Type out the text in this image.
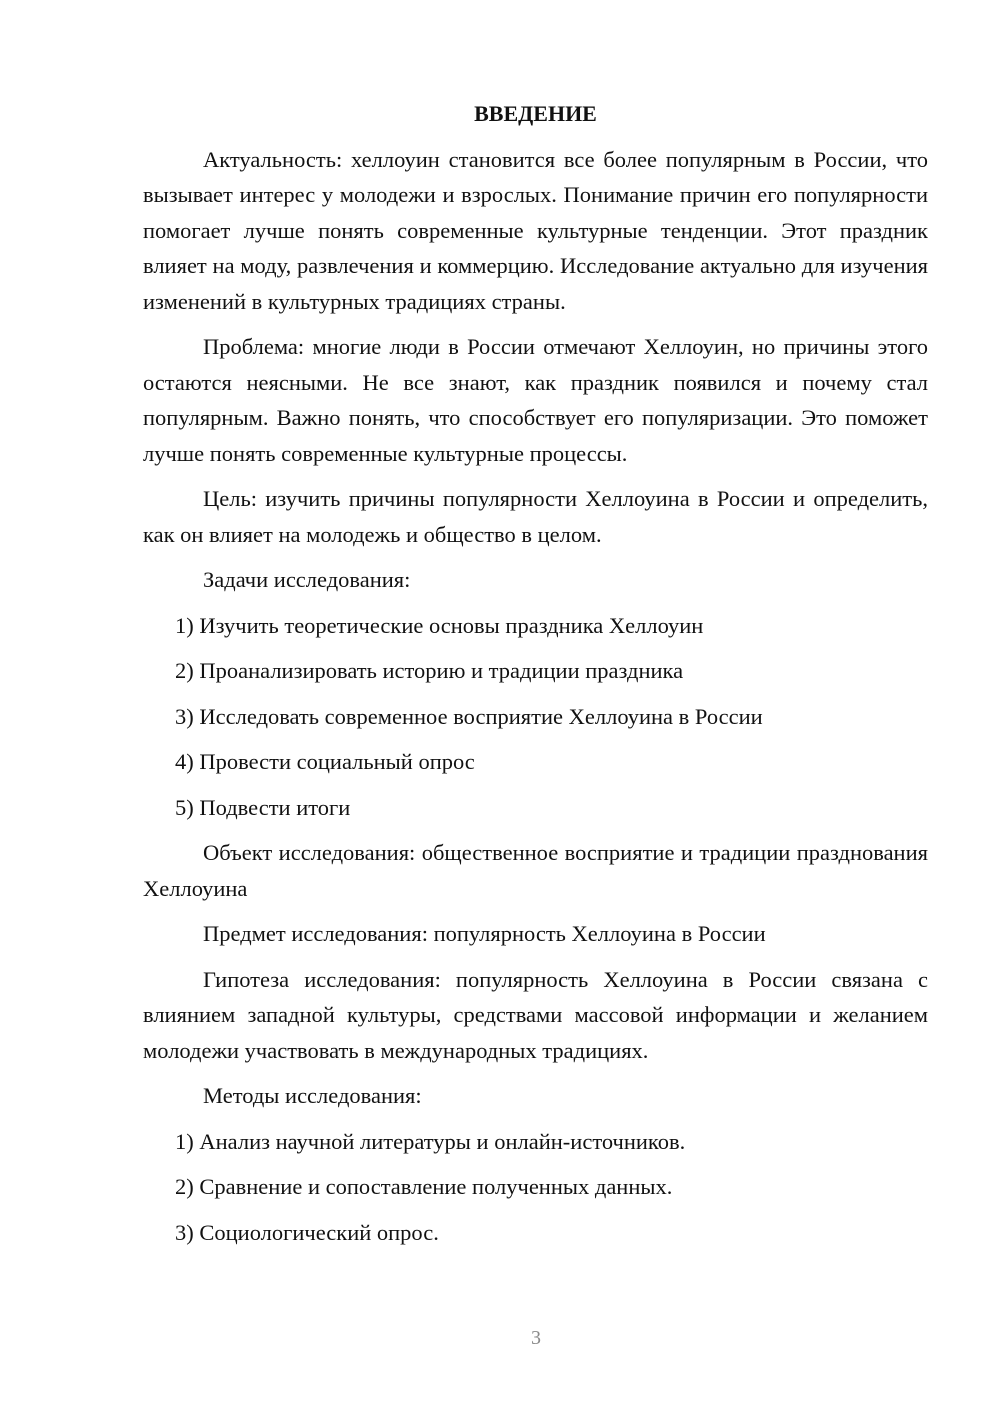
ВВЕДЕНИЕ

Актуальность: хеллоуин становится все более популярным в России, что вызывает интерес у молодежи и взрослых. Понимание причин его популярности помогает лучше понять современные культурные тенденции. Этот праздник влияет на моду, развлечения и коммерцию. Исследование актуально для изучения изменений в культурных традициях страны.

Проблема: многие люди в России отмечают Хеллоуин, но причины этого остаются неясными. Не все знают, как праздник появился и почему стал популярным. Важно понять, что способствует его популяризации. Это поможет лучше понять современные культурные процессы.

Цель: изучить причины популярности Хеллоуина в России и определить, как он влияет на молодежь и общество в целом.

Задачи исследования:

1) Изучить теоретические основы праздника Хеллоуин
2) Проанализировать историю и традиции праздника
3) Исследовать современное восприятие Хеллоуина в России
4) Провести социальный опрос
5) Подвести итоги

Объект исследования: общественное восприятие и традиции празднования Хеллоуина

Предмет исследования: популярность Хеллоуина в России

Гипотеза исследования: популярность Хеллоуина в России связана с влиянием западной культуры, средствами массовой информации и желанием молодежи участвовать в международных традициях.

Методы исследования:

1) Анализ научной литературы и онлайн-источников.
2) Сравнение и сопоставление полученных данных.
3) Социологический опрос.
3
